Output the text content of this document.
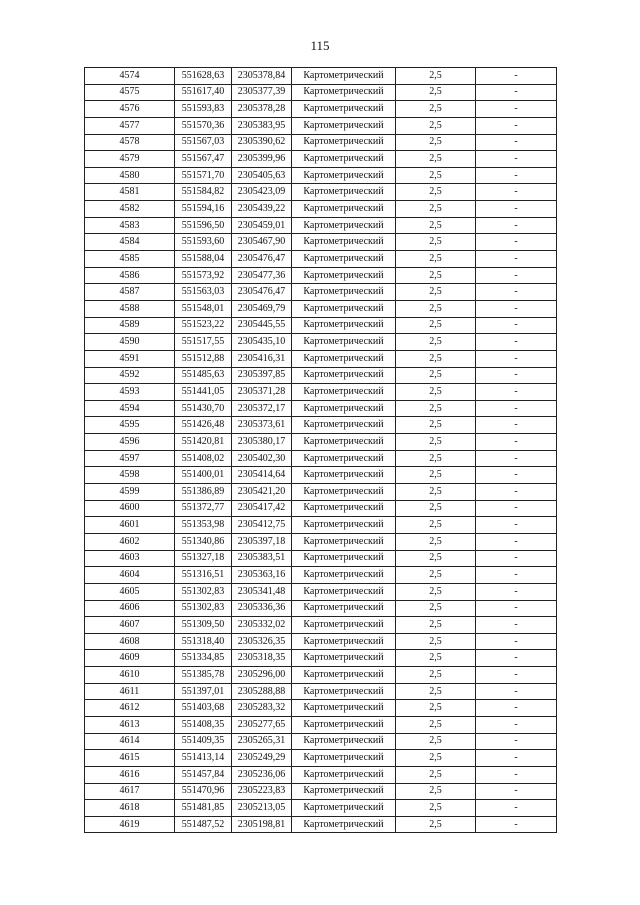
115
4574	551628,63	2305378,84	Картометрический	2,5	-
4575	551617,40	2305377,39	Картометрический	2,5	-
4576	551593,83	2305378,28	Картометрический	2,5	-
4577	551570,36	2305383,95	Картометрический	2,5	-
4578	551567,03	2305390,62	Картометрический	2,5	-
4579	551567,47	2305399,96	Картометрический	2,5	-
4580	551571,70	2305405,63	Картометрический	2,5	-
4581	551584,82	2305423,09	Картометрический	2,5	-
4582	551594,16	2305439,22	Картометрический	2,5	-
4583	551596,50	2305459,01	Картометрический	2,5	-
4584	551593,60	2305467,90	Картометрический	2,5	-
4585	551588,04	2305476,47	Картометрический	2,5	-
4586	551573,92	2305477,36	Картометрический	2,5	-
4587	551563,03	2305476,47	Картометрический	2,5	-
4588	551548,01	2305469,79	Картометрический	2,5	-
4589	551523,22	2305445,55	Картометрический	2,5	-
4590	551517,55	2305435,10	Картометрический	2,5	-
4591	551512,88	2305416,31	Картометрический	2,5	-
4592	551485,63	2305397,85	Картометрический	2,5	-
4593	551441,05	2305371,28	Картометрический	2,5	-
4594	551430,70	2305372,17	Картометрический	2,5	-
4595	551426,48	2305373,61	Картометрический	2,5	-
4596	551420,81	2305380,17	Картометрический	2,5	-
4597	551408,02	2305402,30	Картометрический	2,5	-
4598	551400,01	2305414,64	Картометрический	2,5	-
4599	551386,89	2305421,20	Картометрический	2,5	-
4600	551372,77	2305417,42	Картометрический	2,5	-
4601	551353,98	2305412,75	Картометрический	2,5	-
4602	551340,86	2305397,18	Картометрический	2,5	-
4603	551327,18	2305383,51	Картометрический	2,5	-
4604	551316,51	2305363,16	Картометрический	2,5	-
4605	551302,83	2305341,48	Картометрический	2,5	-
4606	551302,83	2305336,36	Картометрический	2,5	-
4607	551309,50	2305332,02	Картометрический	2,5	-
4608	551318,40	2305326,35	Картометрический	2,5	-
4609	551334,85	2305318,35	Картометрический	2,5	-
4610	551385,78	2305296,00	Картометрический	2,5	-
4611	551397,01	2305288,88	Картометрический	2,5	-
4612	551403,68	2305283,32	Картометрический	2,5	-
4613	551408,35	2305277,65	Картометрический	2,5	-
4614	551409,35	2305265,31	Картометрический	2,5	-
4615	551413,14	2305249,29	Картометрический	2,5	-
4616	551457,84	2305236,06	Картометрический	2,5	-
4617	551470,96	2305223,83	Картометрический	2,5	-
4618	551481,85	2305213,05	Картометрический	2,5	-
4619	551487,52	2305198,81	Картометрический	2,5	-
